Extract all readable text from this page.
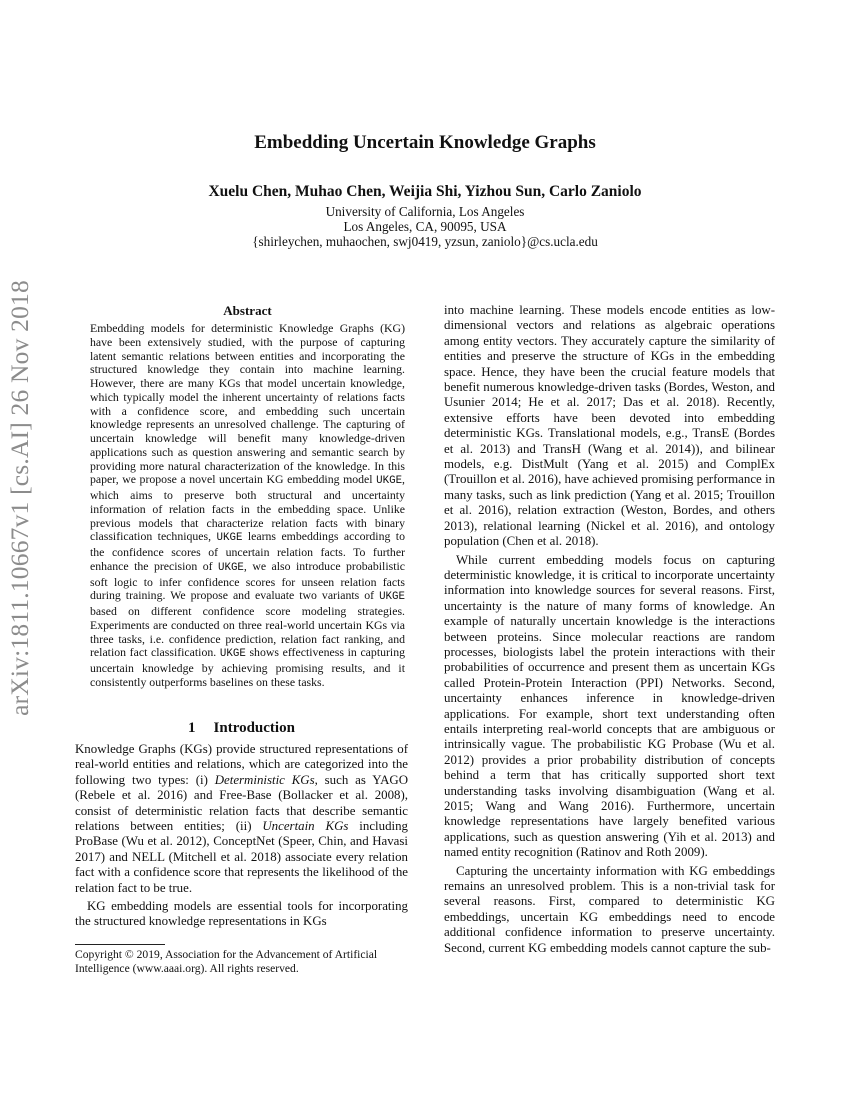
arXiv:1811.10667v1 [cs.AI] 26 Nov 2018
Embedding Uncertain Knowledge Graphs
Xuelu Chen, Muhao Chen, Weijia Shi, Yizhou Sun, Carlo Zaniolo
University of California, Los Angeles
Los Angeles, CA, 90095, USA
{shirleychen, muhaochen, swj0419, yzsun, zaniolo}@cs.ucla.edu
Abstract
Embedding models for deterministic Knowledge Graphs (KG) have been extensively studied, with the purpose of capturing latent semantic relations between entities and incorporating the structured knowledge they contain into machine learning. However, there are many KGs that model uncertain knowledge, which typically model the inherent uncertainty of relations facts with a confidence score, and embedding such uncertain knowledge represents an unresolved challenge. The capturing of uncertain knowledge will benefit many knowledge-driven applications such as question answering and semantic search by providing more natural characterization of the knowledge. In this paper, we propose a novel uncertain KG embedding model UKGE, which aims to preserve both structural and uncertainty information of relation facts in the embedding space. Unlike previous models that characterize relation facts with binary classification techniques, UKGE learns embeddings according to the confidence scores of uncertain relation facts. To further enhance the precision of UKGE, we also introduce probabilistic soft logic to infer confidence scores for unseen relation facts during training. We propose and evaluate two variants of UKGE based on different confidence score modeling strategies. Experiments are conducted on three real-world uncertain KGs via three tasks, i.e. confidence prediction, relation fact ranking, and relation fact classification. UKGE shows effectiveness in capturing uncertain knowledge by achieving promising results, and it consistently outperforms baselines on these tasks.
1 Introduction

Knowledge Graphs (KGs) provide structured representations of real-world entities and relations, which are categorized into the following two types: (i) Deterministic KGs, such as YAGO (Rebele et al. 2016) and Free-Base (Bollacker et al. 2008), consist of deterministic relation facts that describe semantic relations between entities; (ii) Uncertain KGs including ProBase (Wu et al. 2012), ConceptNet (Speer, Chin, and Havasi 2017) and NELL (Mitchell et al. 2018) associate every relation fact with a confidence score that represents the likelihood of the relation fact to be true.

KG embedding models are essential tools for incorporating the structured knowledge representations in KGs

Copyright © 2019, Association for the Advancement of Artificial Intelligence (www.aaai.org). All rights reserved.

into machine learning. These models encode entities as low-dimensional vectors and relations as algebraic operations among entity vectors. They accurately capture the similarity of entities and preserve the structure of KGs in the embedding space. Hence, they have been the crucial feature models that benefit numerous knowledge-driven tasks (Bordes, Weston, and Usunier 2014; He et al. 2017; Das et al. 2018). Recently, extensive efforts have been devoted into embedding deterministic KGs. Translational models, e.g., TransE (Bordes et al. 2013) and TransH (Wang et al. 2014)), and bilinear models, e.g. DistMult (Yang et al. 2015) and ComplEx (Trouillon et al. 2016), have achieved promising performance in many tasks, such as link prediction (Yang et al. 2015; Trouillon et al. 2016), relation extraction (Weston, Bordes, and others 2013), relational learning (Nickel et al. 2016), and ontology population (Chen et al. 2018).

While current embedding models focus on capturing deterministic knowledge, it is critical to incorporate uncertainty information into knowledge sources for several reasons. First, uncertainty is the nature of many forms of knowledge. An example of naturally uncertain knowledge is the interactions between proteins. Since molecular reactions are random processes, biologists label the protein interactions with their probabilities of occurrence and present them as uncertain KGs called Protein-Protein Interaction (PPI) Networks. Second, uncertainty enhances inference in knowledge-driven applications. For example, short text understanding often entails interpreting real-world concepts that are ambiguous or intrinsically vague. The probabilistic KG Probase (Wu et al. 2012) provides a prior probability distribution of concepts behind a term that has critically supported short text understanding tasks involving disambiguation (Wang et al. 2015; Wang and Wang 2016). Furthermore, uncertain knowledge representations have largely benefited various applications, such as question answering (Yih et al. 2013) and named entity recognition (Ratinov and Roth 2009).

Capturing the uncertainty information with KG embeddings remains an unresolved problem. This is a non-trivial task for several reasons. First, compared to deterministic KG embeddings, uncertain KG embeddings need to encode additional confidence information to preserve uncertainty. Second, current KG embedding models cannot capture the sub-
